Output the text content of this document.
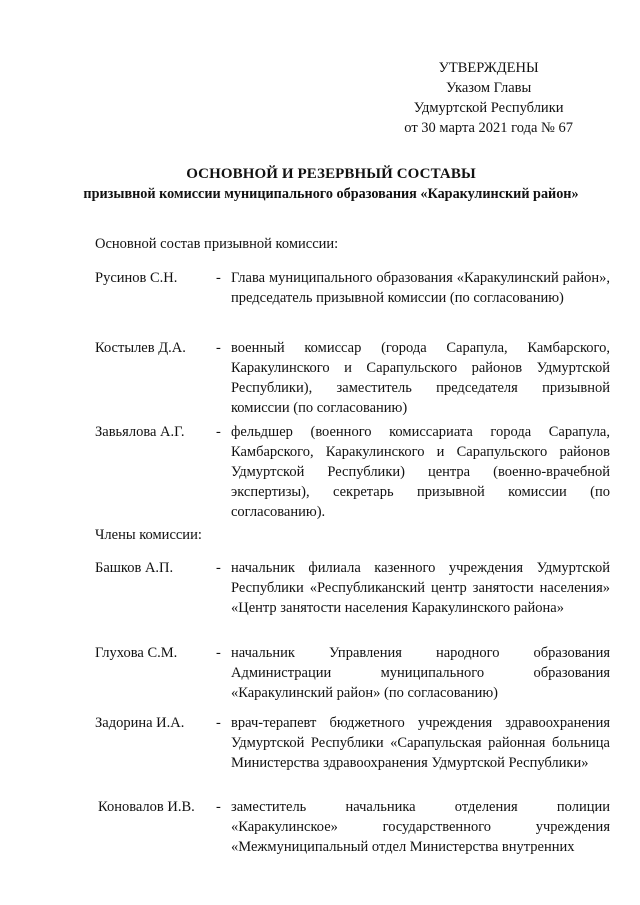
УТВЕРЖДЕНЫ
Указом Главы
Удмуртской Республики
от 30 марта 2021 года № 67
ОСНОВНОЙ И РЕЗЕРВНЫЙ СОСТАВЫ
призывной комиссии муниципального образования «Каракулинский район»
Основной состав призывной комиссии:
Русинов С.Н.	- Глава муниципального образования «Каракулинский район», председатель призывной комиссии (по согласованию)
Костылев Д.А. - военный комиссар (города Сарапула, Камбарского, Каракулинского и Сарапульского районов Удмуртской Республики), заместитель председателя призывной комиссии (по согласованию)
Завьялова А.Г. - фельдшер (военного комиссариата города Сарапула, Камбарского, Каракулинского и Сарапульского районов Удмуртской Республики) центра (военно-врачебной экспертизы), секретарь призывной комиссии (по согласованию).
Члены комиссии:
Башков А.П.	- начальник филиала казенного учреждения Удмуртской Республики «Республиканский центр занятости населения» «Центр занятости населения Каракулинского района»
Глухова С.М.	- начальник Управления народного образования Администрации муниципального образования «Каракулинский район» (по согласованию)
Задорина И.А. - врач-терапевт бюджетного учреждения здравоохранения Удмуртской Республики «Сарапульская районная больница Министерства здравоохранения Удмуртской Республики»
Коновалов И.В. - заместитель начальника отделения полиции «Каракулинское» государственного учреждения «Межмуниципальный отдел Министерства внутренних
